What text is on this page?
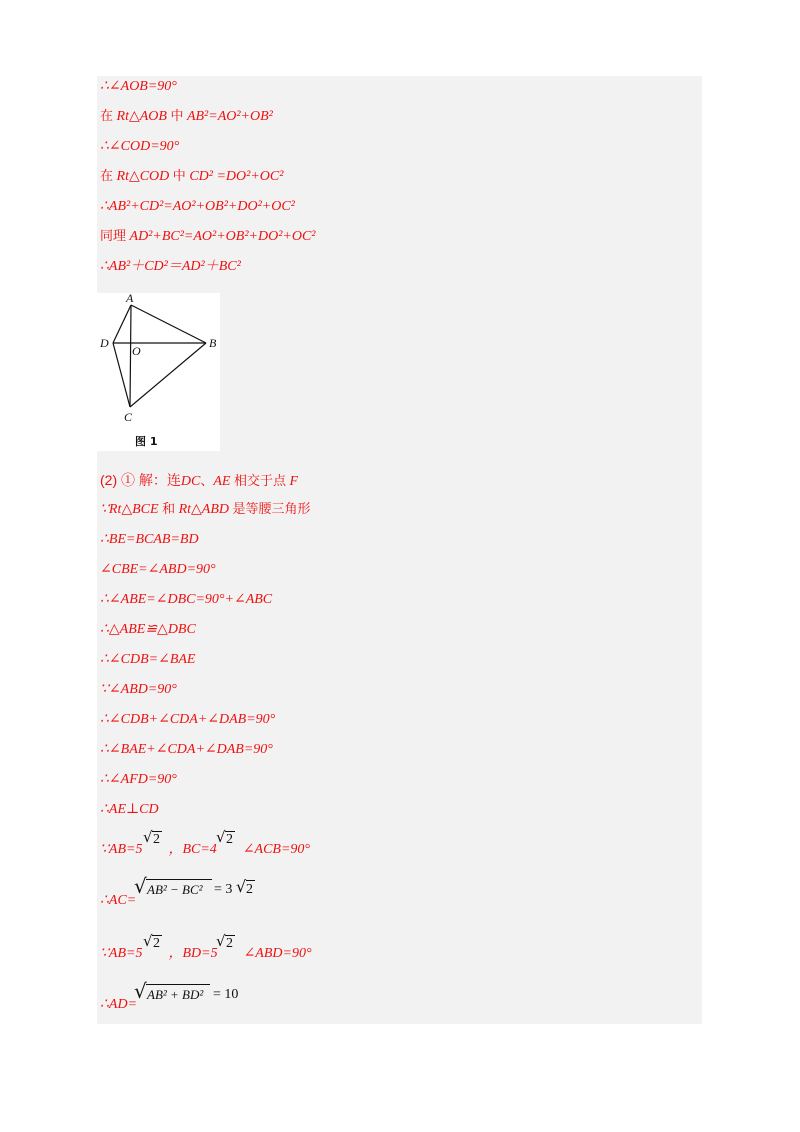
∴∠AOB=90°
在 Rt△AOB 中 AB²=AO²+OB²
∴∠COD=90°
在 Rt△COD 中 CD² =DO²+OC²
∴AB²+CD²=AO²+OB²+DO²+OC²
同理 AD²+BC²=AO²+OB²+DO²+OC²
∴AB²＋CD²＝AD²＋BC²
A
B
C
D
O
图 1
(2) ① 解：连DC、AE 相交于点 F
∵Rt△BCE 和 Rt△ABD 是等腰三角形
∴BE=BCAB=BD
∠CBE=∠ABD=90°
∴∠ABE=∠DBC=90°+∠ABC
∴△ABE≌△DBC
∴∠CDB=∠BAE
∵∠ABD=90°
∴∠CDB+∠CDA+∠DAB=90°
∴∠BAE+∠CDA+∠DAB=90°
∴∠AFD=90°
∴AE⊥CD
∵AB=5 ，BC=4 ∠ACB=90°
√ 2	√ 2
∴AC=
√ AB² − BC² = 3 √ 2
∵AB=5 ，BD=5 ∠ABD=90°
√ 2	√ 2
∴AD=
√ AB² + BD² = 10
